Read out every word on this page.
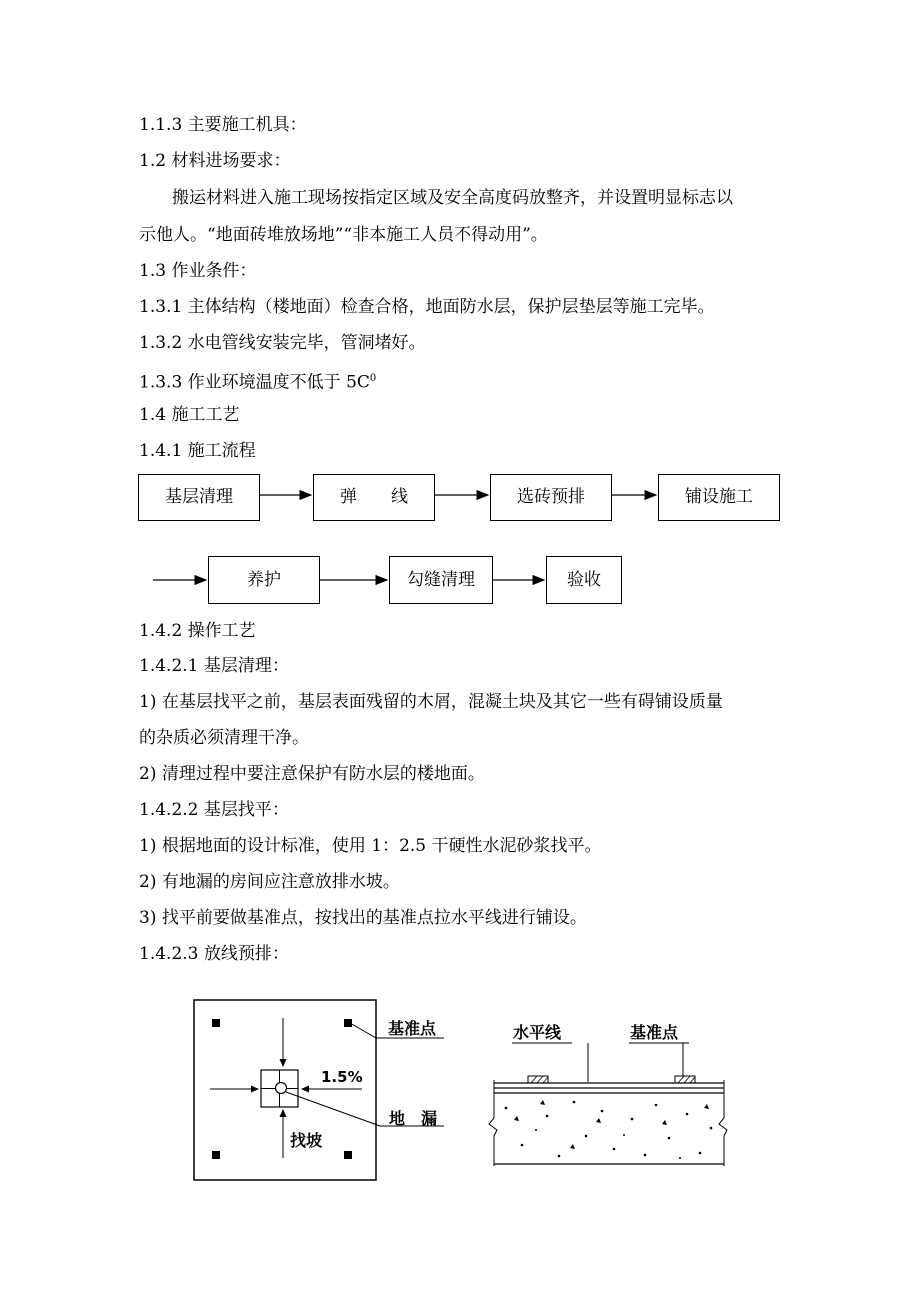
1.1.3 主要施工机具：
1.2 材料进场要求：
搬运材料进入施工现场按指定区域及安全高度码放整齐，并设置明显标志以
示他人。“地面砖堆放场地”“非本施工人员不得动用”。
1.3 作业条件：
1.3.1 主体结构（楼地面）检查合格，地面防水层，保护层垫层等施工完毕。
1.3.2 水电管线安装完毕，管洞堵好。
1.3.3 作业环境温度不低于 $5C^0$
1.4 施工工艺
1.4.1 施工流程
基层清理	弹　　线	选砖预排	铺设施工
养护	勾缝清理	验收
1.4.2 操作工艺
1.4.2.1 基层清理：
1) 在基层找平之前，基层表面残留的木屑，混凝土块及其它一些有碍铺设质量
的杂质必须清理干净。
2) 清理过程中要注意保护有防水层的楼地面。
1.4.2.2 基层找平：
1) 根据地面的设计标准，使用 1：2.5 干硬性水泥砂浆找平。
2) 有地漏的房间应注意放排水坡。
3) 找平前要做基准点，按找出的基准点拉水平线进行铺设。
1.4.2.3 放线预排：
基准点
1.5%
地　漏
找坡
水平线	基准点
